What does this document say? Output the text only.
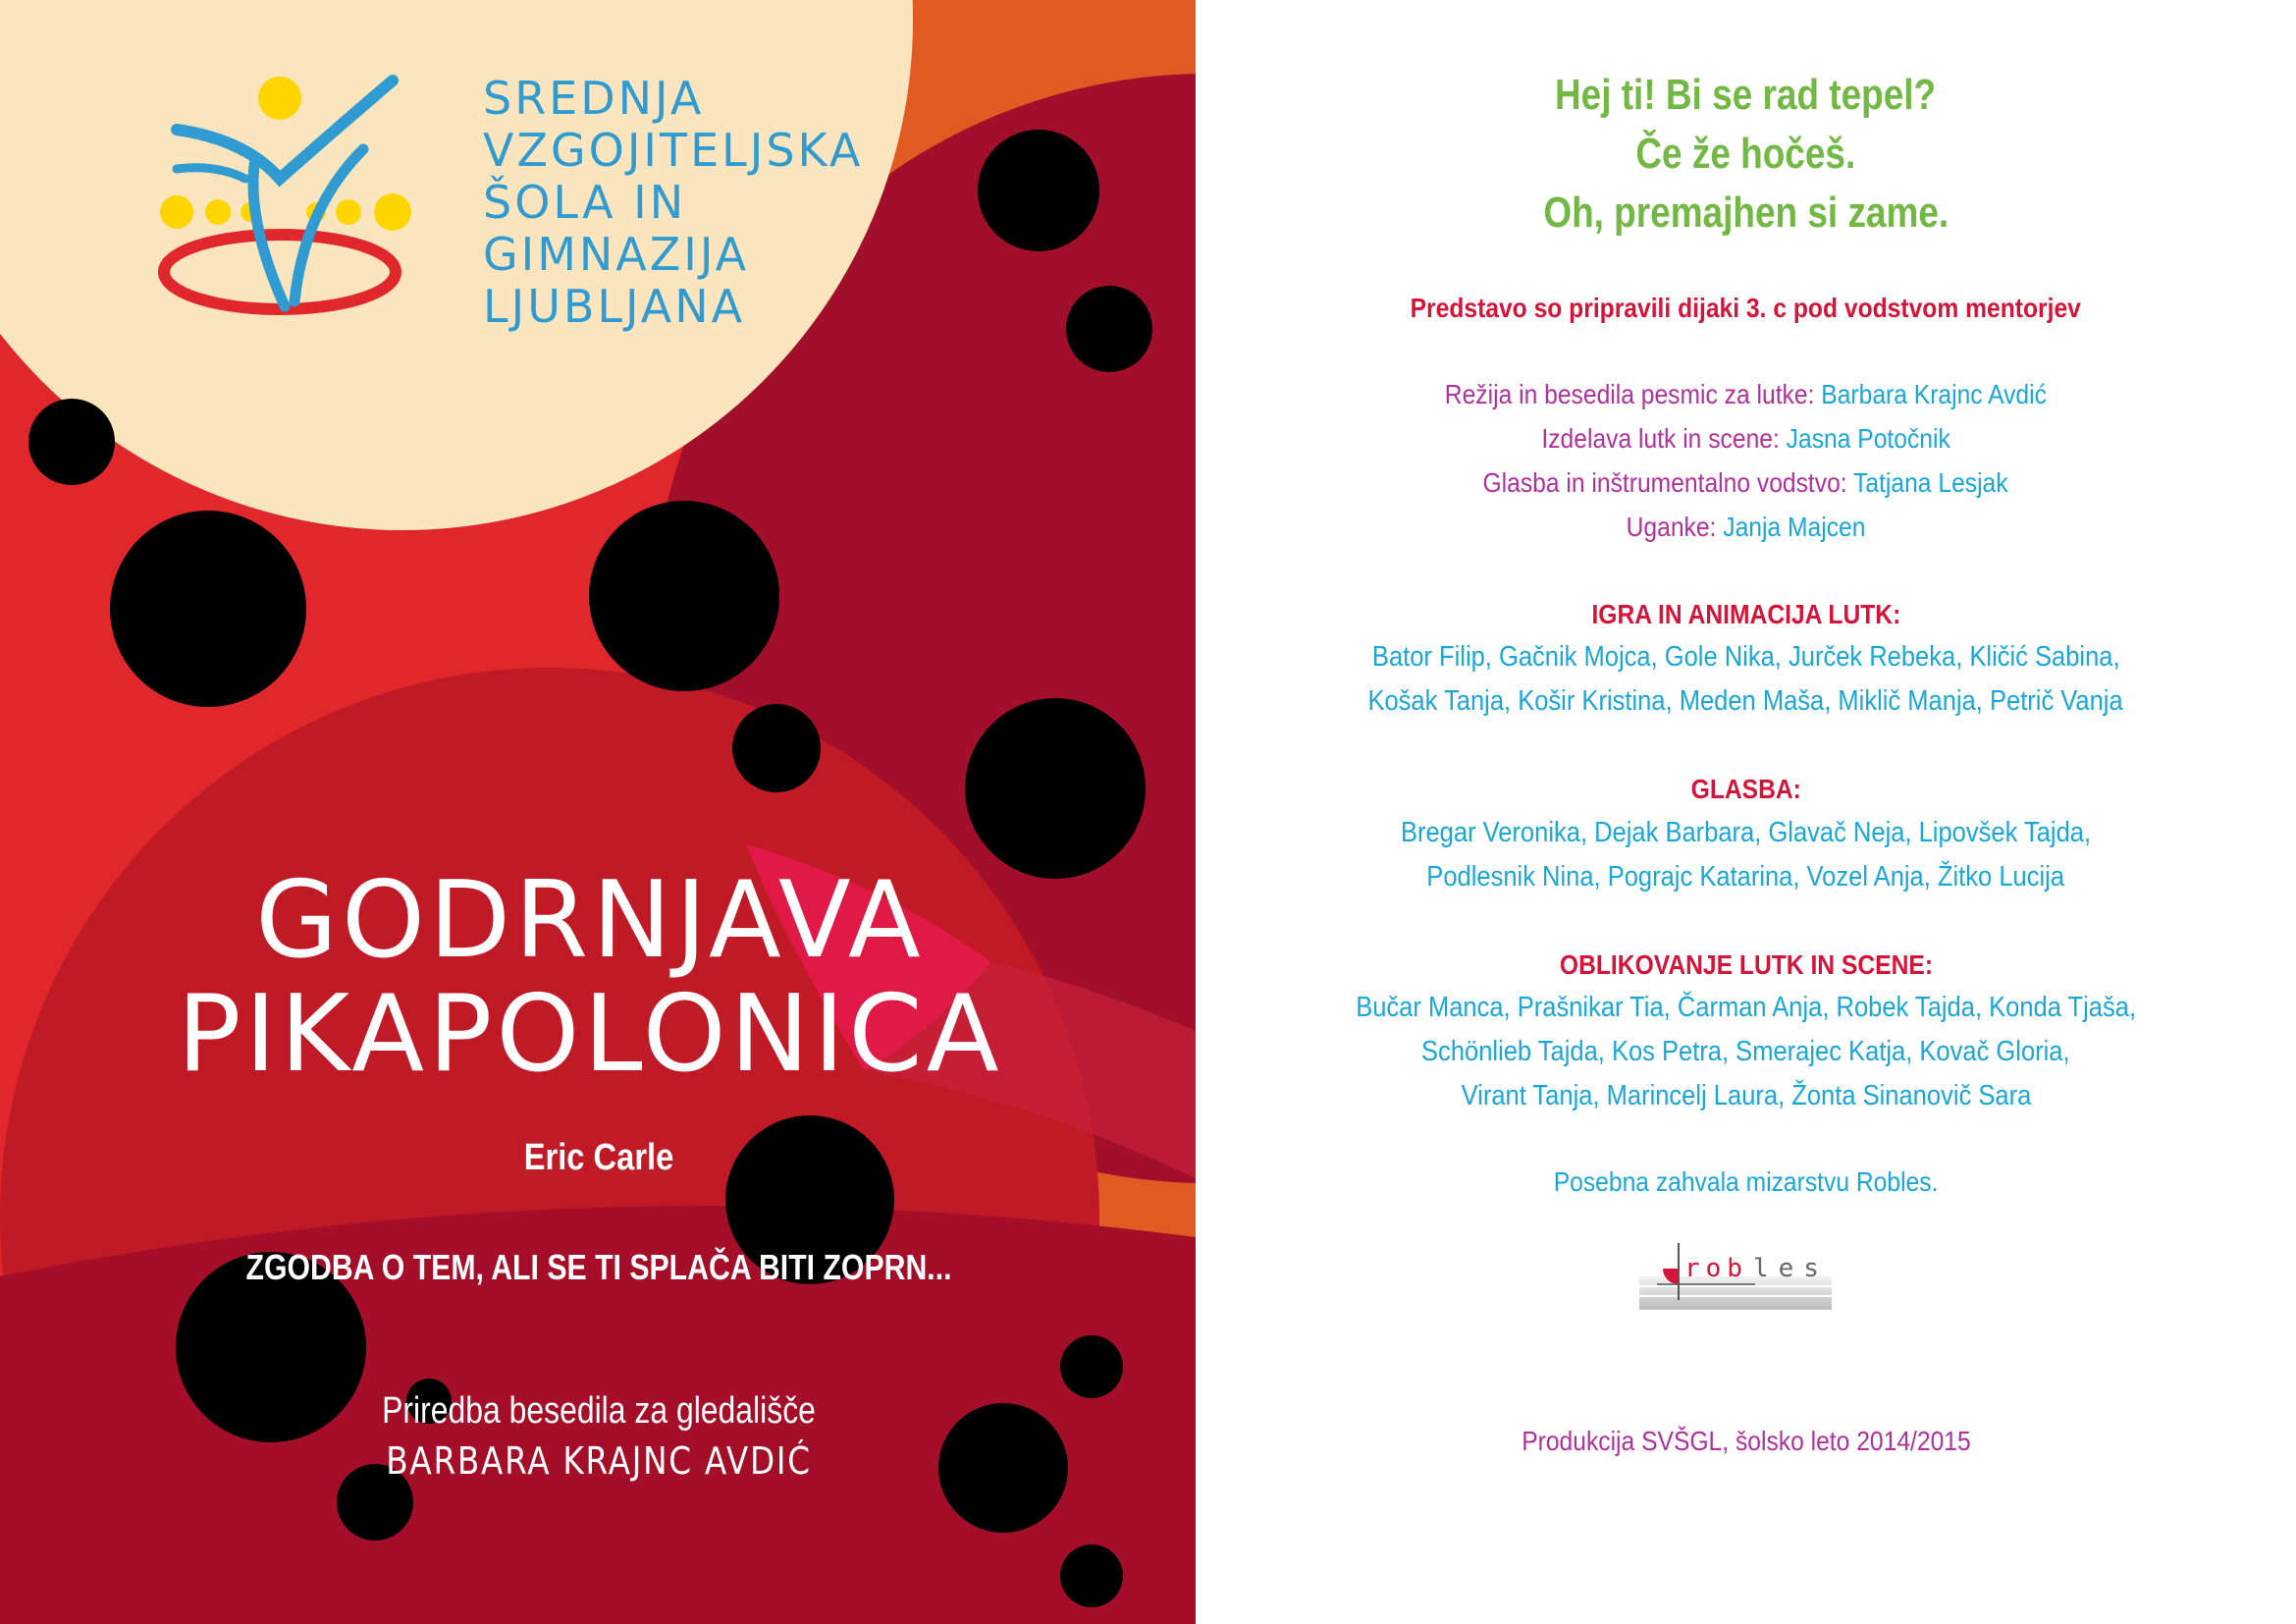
SREDNJA
VZGOJITELJSKA
ŠOLA IN
GIMNAZIJA
LJUBLJANA
GODRNJAVA
PIKAPOLONICA
Eric Carle
ZGODBA O TEM, ALI SE TI SPLAČA BITI ZOPRN...
Priredba besedila za gledališče
BARBARA KRAJNC AVDIĆ
Hej ti! Bi se rad tepel?
Če že hočeš.
Oh, premajhen si zame.
Predstavo so pripravili dijaki 3. c pod vodstvom mentorjev
Režija in besedila pesmic za lutke: Barbara Krajnc Avdić
Izdelava lutk in scene: Jasna Potočnik
Glasba in inštrumentalno vodstvo: Tatjana Lesjak
Uganke: Janja Majcen
IGRA IN ANIMACIJA LUTK:
Bator Filip, Gačnik Mojca, Gole Nika, Jurček Rebeka, Kličić Sabina,
Košak Tanja, Košir Kristina, Meden Maša, Miklič Manja, Petrič Vanja
GLASBA:
Bregar Veronika, Dejak Barbara, Glavač Neja, Lipovšek Tajda,
Podlesnik Nina, Pograjc Katarina, Vozel Anja, Žitko Lucija
OBLIKOVANJE LUTK IN SCENE:
Bučar Manca, Prašnikar Tia, Čarman Anja, Robek Tajda, Konda Tjaša,
Schönlieb Tajda, Kos Petra, Smerajec Katja, Kovač Gloria,
Virant Tanja, Marincelj Laura, Žonta Sinanovič Sara
Posebna zahvala mizarstvu Robles.
rob les
Produkcija SVŠGL, šolsko leto 2014/2015
